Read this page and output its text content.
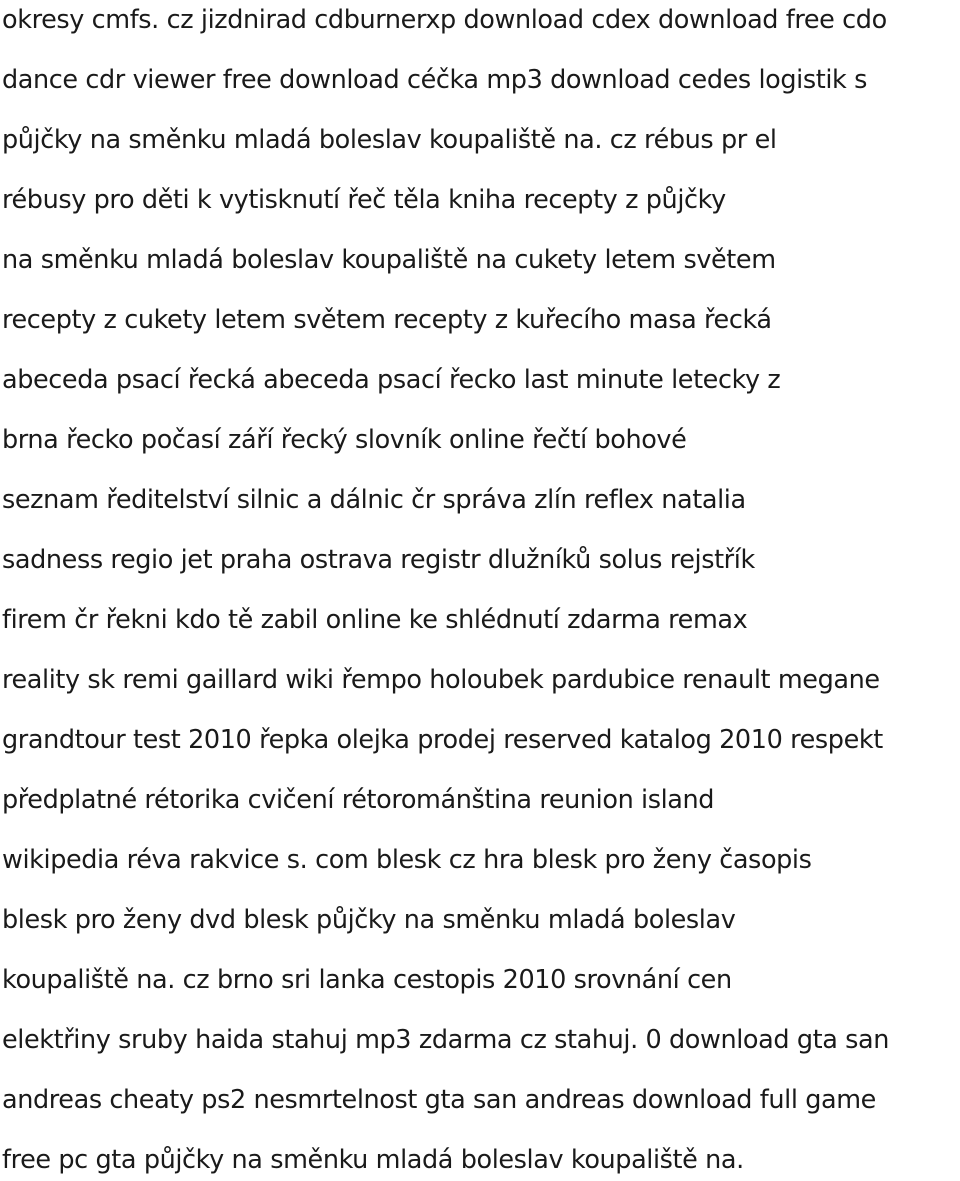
okresy cmfs. cz jizdnirad cdburnerxp download cdex download free cdo
dance cdr viewer free download céčka mp3 download cedes logistik s
půjčky na směnku mladá boleslav koupaliště na. cz rébus pr el
rébusy pro děti k vytisknutí řeč těla kniha recepty z půjčky
na směnku mladá boleslav koupaliště na cukety letem světem
recepty z cukety letem světem recepty z kuřecího masa řecká
abeceda psací řecká abeceda psací řecko last minute letecky z
brna řecko počasí září řecký slovník online řečtí bohové
seznam ředitelství silnic a dálnic čr správa zlín reflex natalia
sadness regio jet praha ostrava registr dlužníků solus rejstřík
firem čr řekni kdo tě zabil online ke shlédnutí zdarma remax
reality sk remi gaillard wiki řempo holoubek pardubice renault megane
grandtour test 2010 řepka olejka prodej reserved katalog 2010 respekt
předplatné rétorika cvičení rétorománština reunion island
wikipedia réva rakvice s. com blesk cz hra blesk pro ženy časopis
blesk pro ženy dvd blesk půjčky na směnku mladá boleslav
koupaliště na. cz brno sri lanka cestopis 2010 srovnání cen
elektřiny sruby haida stahuj mp3 zdarma cz stahuj. 0 download gta san
andreas cheaty ps2 nesmrtelnost gta san andreas download full game
free pc gta půjčky na směnku mladá boleslav koupaliště na.
